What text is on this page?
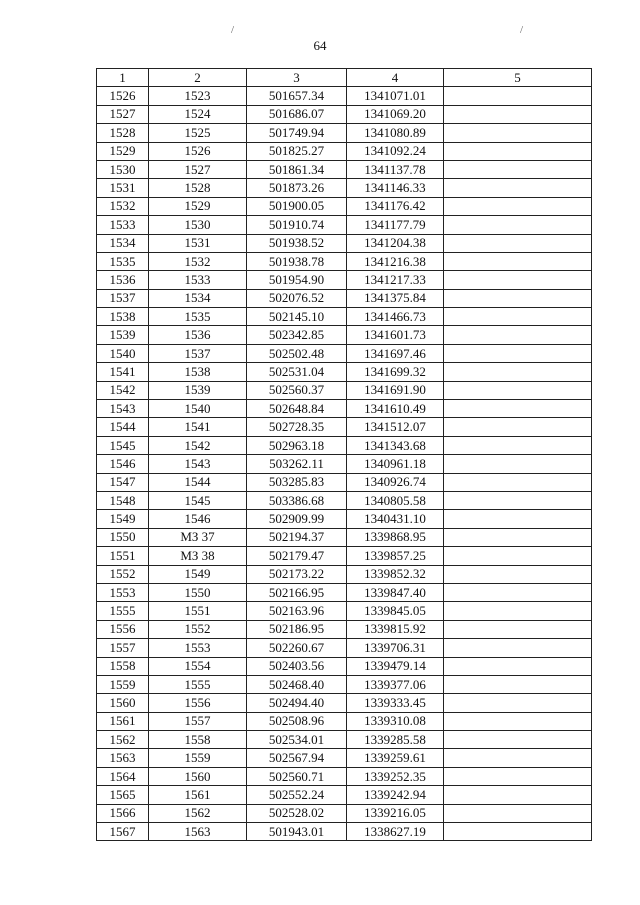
/	/
64
1	2	3	4	5
1526	1523	501657.34	1341071.01	
1527	1524	501686.07	1341069.20	
1528	1525	501749.94	1341080.89	
1529	1526	501825.27	1341092.24	
1530	1527	501861.34	1341137.78	
1531	1528	501873.26	1341146.33	
1532	1529	501900.05	1341176.42	
1533	1530	501910.74	1341177.79	
1534	1531	501938.52	1341204.38	
1535	1532	501938.78	1341216.38	
1536	1533	501954.90	1341217.33	
1537	1534	502076.52	1341375.84	
1538	1535	502145.10	1341466.73	
1539	1536	502342.85	1341601.73	
1540	1537	502502.48	1341697.46	
1541	1538	502531.04	1341699.32	
1542	1539	502560.37	1341691.90	
1543	1540	502648.84	1341610.49	
1544	1541	502728.35	1341512.07	
1545	1542	502963.18	1341343.68	
1546	1543	503262.11	1340961.18	
1547	1544	503285.83	1340926.74	
1548	1545	503386.68	1340805.58	
1549	1546	502909.99	1340431.10	
1550	МЗ 37	502194.37	1339868.95	
1551	МЗ 38	502179.47	1339857.25	
1552	1549	502173.22	1339852.32	
1553	1550	502166.95	1339847.40	
1555	1551	502163.96	1339845.05	
1556	1552	502186.95	1339815.92	
1557	1553	502260.67	1339706.31	
1558	1554	502403.56	1339479.14	
1559	1555	502468.40	1339377.06	
1560	1556	502494.40	1339333.45	
1561	1557	502508.96	1339310.08	
1562	1558	502534.01	1339285.58	
1563	1559	502567.94	1339259.61	
1564	1560	502560.71	1339252.35	
1565	1561	502552.24	1339242.94	
1566	1562	502528.02	1339216.05	
1567	1563	501943.01	1338627.19	
